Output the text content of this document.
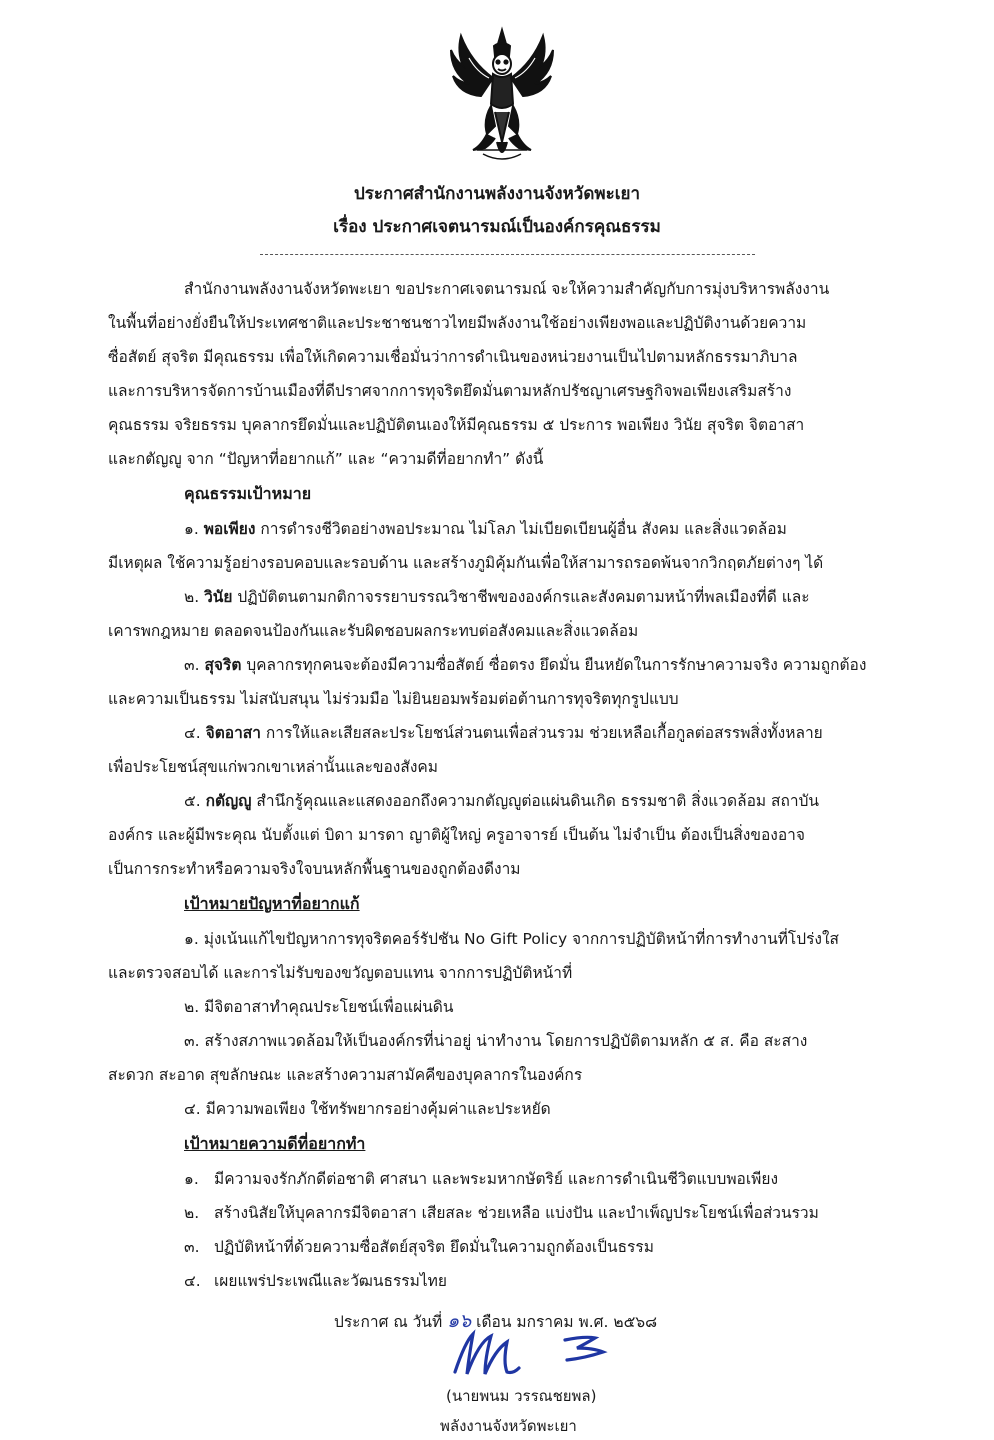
ประกาศสำนักงานพลังงานจังหวัดพะเยา
เรื่อง ประกาศเจตนารมณ์เป็นองค์กรคุณธรรม
สำนักงานพลังงานจังหวัดพะเยา ขอประกาศเจตนารมณ์ จะให้ความสำคัญกับการมุ่งบริหารพลังงาน
ในพื้นที่อย่างยั่งยืนให้ประเทศชาติและประชาชนชาวไทยมีพลังงานใช้อย่างเพียงพอและปฏิบัติงานด้วยความ
ซื่อสัตย์ สุจริต มีคุณธรรม เพื่อให้เกิดความเชื่อมั่นว่าการดำเนินของหน่วยงานเป็นไปตามหลักธรรมาภิบาล
และการบริหารจัดการบ้านเมืองที่ดีปราศจากการทุจริตยึดมั่นตามหลักปรัชญาเศรษฐกิจพอเพียงเสริมสร้าง
คุณธรรม จริยธรรม บุคลากรยึดมั่นและปฏิบัติตนเองให้มีคุณธรรม ๕ ประการ พอเพียง วินัย สุจริต จิตอาสา
และกตัญญู จาก “ปัญหาที่อยากแก้” และ “ความดีที่อยากทำ” ดังนี้
คุณธรรมเป้าหมาย
๑. พอเพียง การดำรงชีวิตอย่างพอประมาณ ไม่โลภ ไม่เบียดเบียนผู้อื่น สังคม และสิ่งแวดล้อม
มีเหตุผล ใช้ความรู้อย่างรอบคอบและรอบด้าน และสร้างภูมิคุ้มกันเพื่อให้สามารถรอดพ้นจากวิกฤตภัยต่างๆ ได้
๒. วินัย ปฏิบัติตนตามกติกาจรรยาบรรณวิชาชีพขององค์กรและสังคมตามหน้าที่พลเมืองที่ดี และ
เคารพกฎหมาย ตลอดจนป้องกันและรับผิดชอบผลกระทบต่อสังคมและสิ่งแวดล้อม
๓. สุจริต บุคลากรทุกคนจะต้องมีความซื่อสัตย์ ซื่อตรง ยึดมั่น ยืนหยัดในการรักษาความจริง ความถูกต้อง
และความเป็นธรรม ไม่สนับสนุน ไม่ร่วมมือ ไม่ยินยอมพร้อมต่อต้านการทุจริตทุกรูปแบบ
๔. จิตอาสา การให้และเสียสละประโยชน์ส่วนตนเพื่อส่วนรวม ช่วยเหลือเกื้อกูลต่อสรรพสิ่งทั้งหลาย
เพื่อประโยชน์สุขแก่พวกเขาเหล่านั้นและของสังคม
๕. กตัญญู สำนึกรู้คุณและแสดงออกถึงความกตัญญูต่อแผ่นดินเกิด ธรรมชาติ สิ่งแวดล้อม สถาบัน
องค์กร และผู้มีพระคุณ นับตั้งแต่ บิดา มารดา ญาติผู้ใหญ่ ครูอาจารย์ เป็นต้น ไม่จำเป็น ต้องเป็นสิ่งของอาจ
เป็นการกระทำหรือความจริงใจบนหลักพื้นฐานของถูกต้องดีงาม
เป้าหมายปัญหาที่อยากแก้
๑. มุ่งเน้นแก้ไขปัญหาการทุจริตคอร์รัปชัน No Gift Policy จากการปฏิบัติหน้าที่การทำงานที่โปร่งใส
และตรวจสอบได้ และการไม่รับของขวัญตอบแทน จากการปฏิบัติหน้าที่
๒. มีจิตอาสาทำคุณประโยชน์เพื่อแผ่นดิน
๓. สร้างสภาพแวดล้อมให้เป็นองค์กรที่น่าอยู่ น่าทำงาน โดยการปฏิบัติตามหลัก ๕ ส. คือ สะสาง
สะดวก สะอาด สุขลักษณะ และสร้างความสามัคคีของบุคลากรในองค์กร
๔. มีความพอเพียง ใช้ทรัพยากรอย่างคุ้มค่าและประหยัด
เป้าหมายความดีที่อยากทำ
๑. มีความจงรักภักดีต่อชาติ ศาสนา และพระมหากษัตริย์ และการดำเนินชีวิตแบบพอเพียง
๒. สร้างนิสัยให้บุคลากรมีจิตอาสา เสียสละ ช่วยเหลือ แบ่งปัน และบำเพ็ญประโยชน์เพื่อส่วนรวม
๓. ปฏิบัติหน้าที่ด้วยความซื่อสัตย์สุจริต ยึดมั่นในความถูกต้องเป็นธรรม
๔. เผยแพร่ประเพณีและวัฒนธรรมไทย
ประกาศ ณ วันที่ ๑๖ เดือน มกราคม พ.ศ. ๒๕๖๘
(นายพนม วรรณชยพล)
พลังงานจังหวัดพะเยา
